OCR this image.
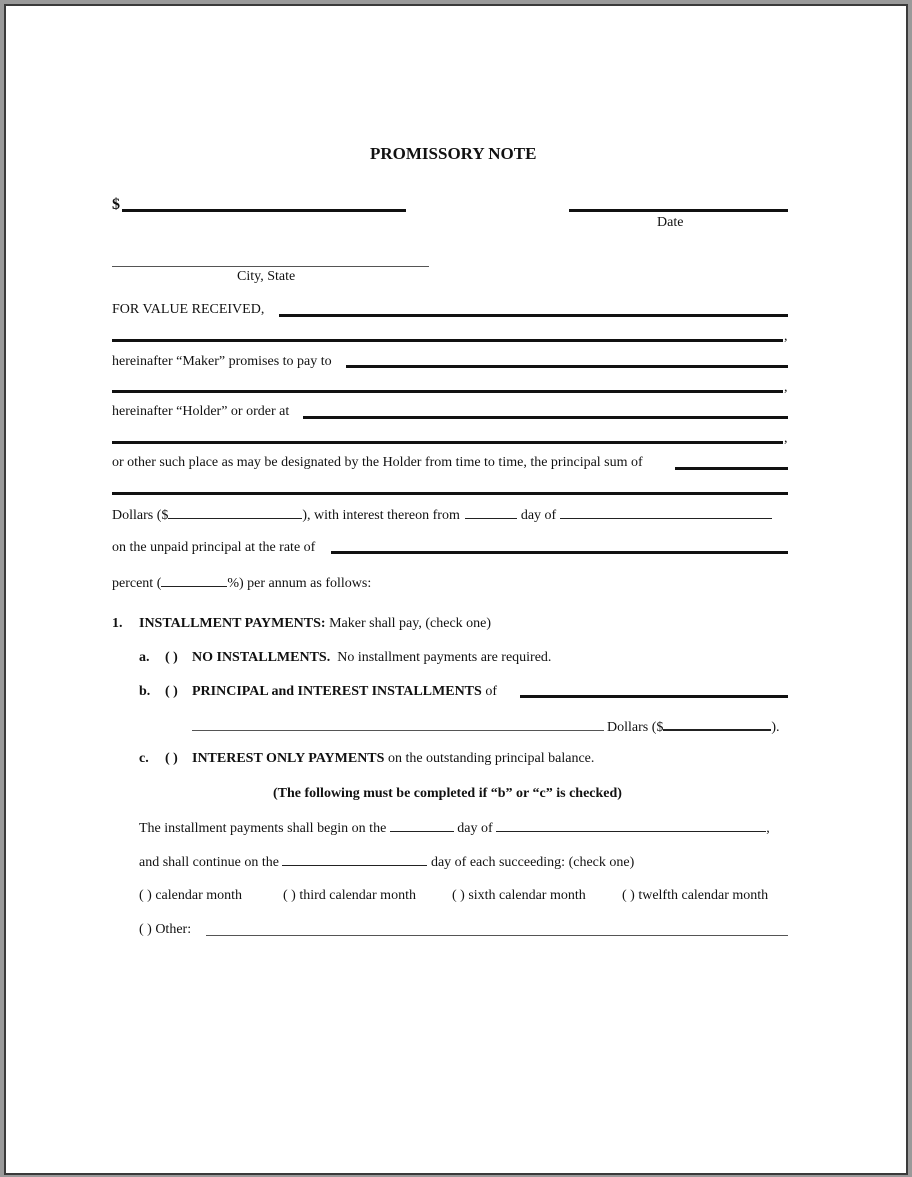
PROMISSORY NOTE
$
Date
City, State
FOR VALUE RECEIVED,
,
hereinafter “Maker” promises to pay to
,
hereinafter “Holder” or order at
,
or other such place as may be designated by the Holder from time to time, the principal sum of
Dollars ($	), with interest thereon from	day of
on the unpaid principal at the rate of
percent (	%) per annum as follows:
1. INSTALLMENT PAYMENTS: Maker shall pay, (check one)
a. ( ) NO INSTALLMENTS. No installment payments are required.
b. ( ) PRINCIPAL and INTEREST INSTALLMENTS of
Dollars ($	).
c. ( ) INTEREST ONLY PAYMENTS on the outstanding principal balance.
(The following must be completed if “b” or “c” is checked)
The installment payments shall begin on the	day of	,
and shall continue on the	day of each succeeding: (check one)
( ) calendar month	( ) third calendar month	( ) sixth calendar month	( ) twelfth calendar month
( ) Other:
